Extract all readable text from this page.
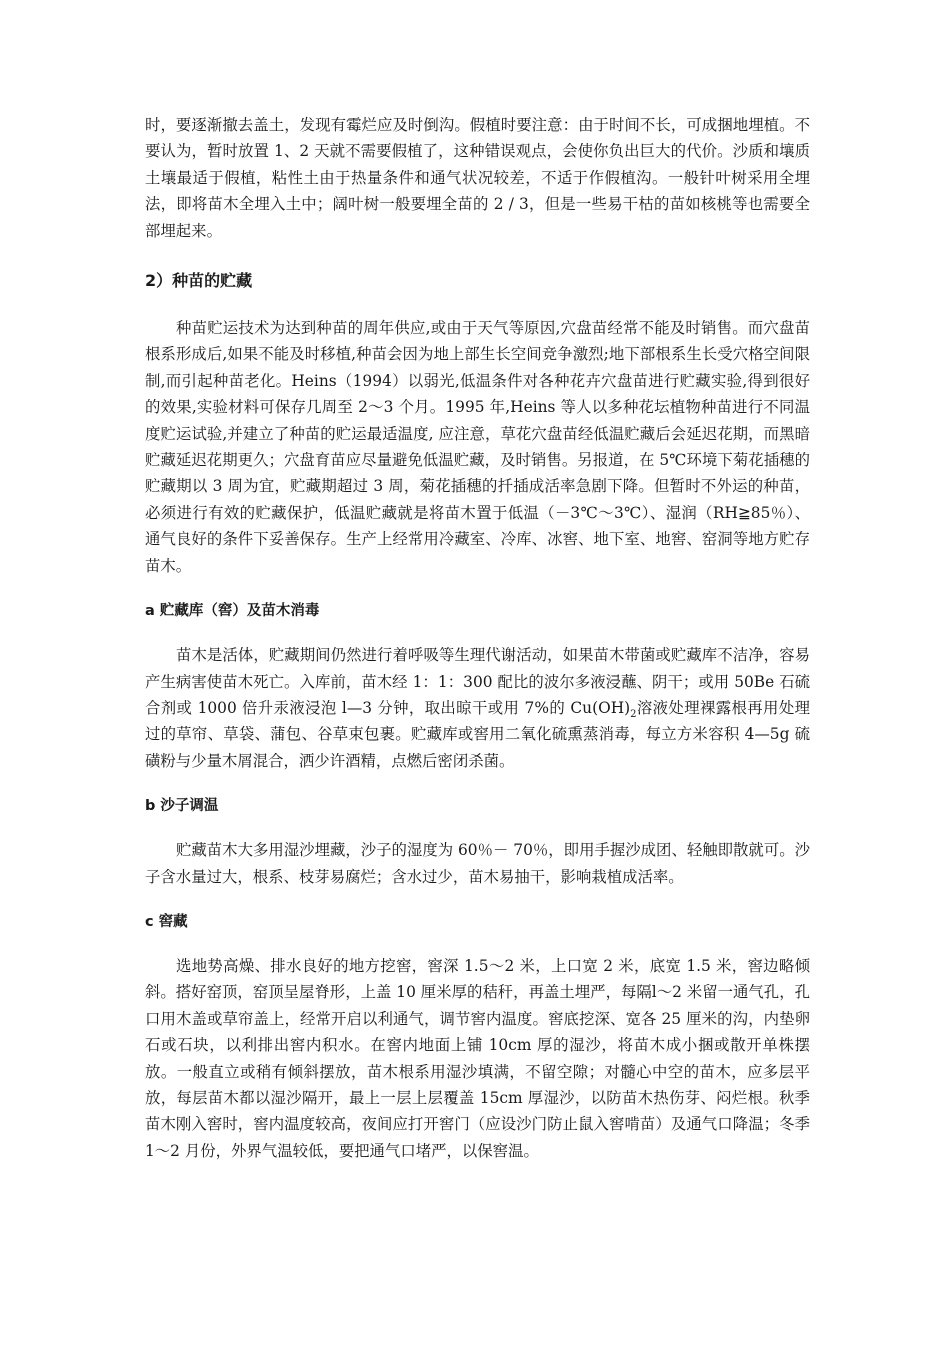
时，要逐渐撤去盖土，发现有霉烂应及时倒沟。假植时要注意：由于时间不长，可成捆地埋植。不要认为，暂时放置 1、2 天就不需要假植了，这种错误观点，会使你负出巨大的代价。沙质和壤质土壤最适于假植，粘性土由于热量条件和通气状况较差，不适于作假植沟。一般针叶树采用全埋法，即将苗木全埋入土中；阔叶树一般要埋全苗的 2 / 3，但是一些易干枯的苗如核桃等也需要全部埋起来。

2）种苗的贮藏

种苗贮运技术为达到种苗的周年供应,或由于天气等原因,穴盘苗经常不能及时销售。而穴盘苗根系形成后,如果不能及时移植,种苗会因为地上部生长空间竞争激烈;地下部根系生长受穴格空间限制,而引起种苗老化。Heins（1994）以弱光,低温条件对各种花卉穴盘苗进行贮藏实验,得到很好的效果,实验材料可保存几周至 2～3 个月。1995 年,Heins 等人以多种花坛植物种苗进行不同温度贮运试验,并建立了种苗的贮运最适温度, 应注意，草花穴盘苗经低温贮藏后会延迟花期，而黑暗贮藏延迟花期更久；穴盘育苗应尽量避免低温贮藏，及时销售。另报道，在 5℃环境下菊花插穗的贮藏期以 3 周为宜，贮藏期超过 3 周，菊花插穗的扦插成活率急剧下降。但暂时不外运的种苗，必须进行有效的贮藏保护，低温贮藏就是将苗木置于低温（－3℃～3℃）、湿润（RH≧85％）、通气良好的条件下妥善保存。生产上经常用冷藏室、冷库、冰窖、地下室、地窖、窑洞等地方贮存苗木。

a 贮藏库（窖）及苗木消毒

苗木是活体，贮藏期间仍然进行着呼吸等生理代谢活动，如果苗木带菌或贮藏库不洁净，容易产生病害使苗木死亡。入库前，苗木经 1：1：300 配比的波尔多液浸蘸、阴干；或用 50Be 石硫合剂或 1000 倍升汞液浸泡 l—3 分钟，取出晾干或用 7%的 $Cu(OH)_2$溶液处理裸露根再用处理过的草帘、草袋、蒲包、谷草束包裹。贮藏库或窖用二氧化硫熏蒸消毒，每立方米容积 4—5g 硫磺粉与少量木屑混合，洒少许酒精，点燃后密闭杀菌。

b 沙子调温

贮藏苗木大多用湿沙埋藏，沙子的湿度为 60％－ 70％，即用手握沙成团、轻触即散就可。沙子含水量过大，根系、枝芽易腐烂；含水过少，苗木易抽干，影响栽植成活率。

c 窖藏

选地势高燥、排水良好的地方挖窖，窖深 1.5～2 米，上口宽 2 米，底宽 1.5 米，窖边略倾斜。搭好窑顶，窑顶呈屋脊形，上盖 10 厘米厚的秸秆，再盖土埋严，每隔l～2 米留一通气孔，孔口用木盖或草帘盖上，经常开启以利通气，调节窖内温度。窖底挖深、宽各 25 厘米的沟，内垫卵石或石块，以利排出窖内积水。在窖内地面上铺 10cm 厚的湿沙，将苗木成小捆或散开单株摆放。一般直立或稍有倾斜摆放，苗木根系用湿沙填满，不留空隙；对髓心中空的苗木，应多层平放，每层苗木都以湿沙隔开，最上一层上层覆盖 15cm 厚湿沙，以防苗木热伤芽、闷烂根。秋季苗木刚入窖时，窖内温度较高，夜间应打开窖门（应设沙门防止鼠入窖啃苗）及通气口降温；冬季 1～2 月份，外界气温较低，要把通气口堵严，以保窖温。
